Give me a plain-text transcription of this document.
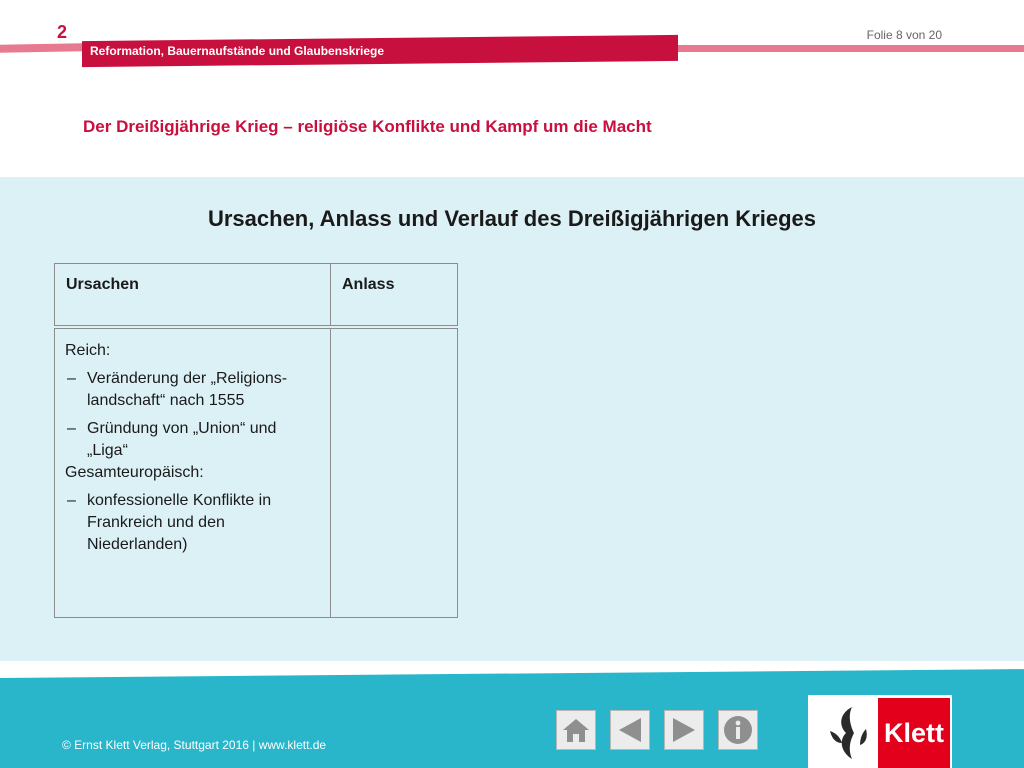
2	Folie 8 von 20
Reformation, Bauernaufstände und Glaubenskriege
Der Dreißigjährige Krieg – religiöse Konflikte und Kampf um die Macht
Ursachen, Anlass und Verlauf des Dreißigjährigen Krieges
Ursachen	Anlass

Reich:

– Veränderung der „Religions-landschaft“ nach 1555
– Gründung von „Union“ und „Liga“

Gesamteuropäisch:

– konfessionelle Konflikte in Frankreich und den Niederlanden)
© Ernst Klett Verlag, Stuttgart 2016 | www.klett.de	Klett
